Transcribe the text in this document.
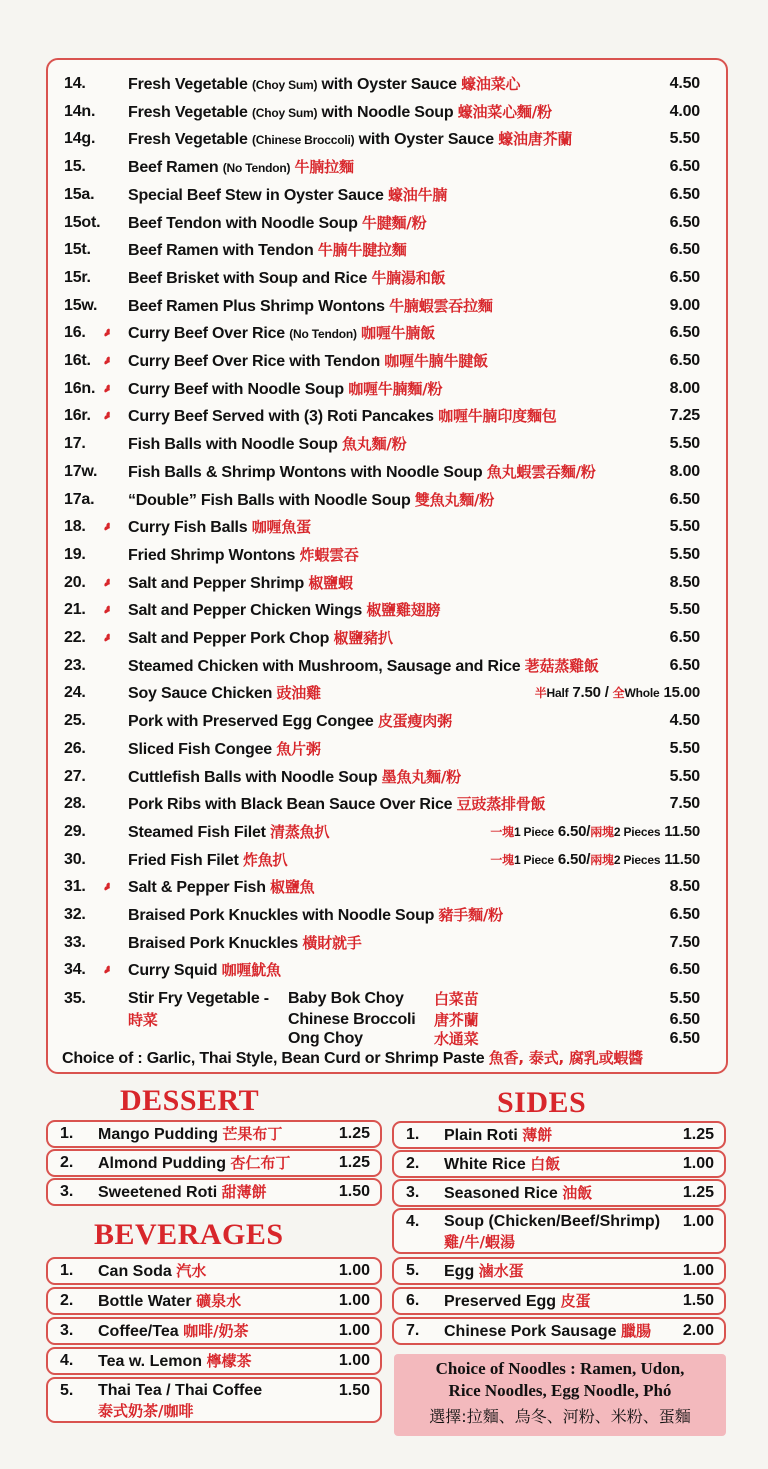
14.	Fresh Vegetable (Choy Sum) with Oyster Sauce 蠔油菜心	4.50
14n.	Fresh Vegetable (Choy Sum) with Noodle Soup 蠔油菜心麵/粉	4.00
14g.	Fresh Vegetable (Chinese Broccoli) with Oyster Sauce 蠔油唐芥蘭	5.50
15.	Beef Ramen (No Tendon) 牛腩拉麵	6.50
15a.	Special Beef Stew in Oyster Sauce 蠔油牛腩	6.50
15ot.	Beef Tendon with Noodle Soup 牛腱麵/粉	6.50
15t.	Beef Ramen with Tendon 牛腩牛腱拉麵	6.50
15r.	Beef Brisket with Soup and Rice 牛腩湯和飯	6.50
15w.	Beef Ramen Plus Shrimp Wontons 牛腩蝦雲吞拉麵	9.00
16. ❤	Curry Beef Over Rice (No Tendon) 咖喱牛腩飯	6.50
16t. ❤	Curry Beef Over Rice with Tendon 咖喱牛腩牛腱飯	6.50
16n. ❤	Curry Beef with Noodle Soup 咖喱牛腩麵/粉	8.00
16r. ❤	Curry Beef Served with (3) Roti Pancakes 咖喱牛腩印度麵包	7.25
17.	Fish Balls with Noodle Soup 魚丸麵/粉	5.50
17w.	Fish Balls & Shrimp Wontons with Noodle Soup 魚丸蝦雲吞麵/粉	8.00
17a.	“Double” Fish Balls with Noodle Soup 雙魚丸麵/粉	6.50
18. ❤	Curry Fish Balls 咖喱魚蛋	5.50
19.	Fried Shrimp Wontons 炸蝦雲吞	5.50
20. ❤	Salt and Pepper Shrimp 椒鹽蝦	8.50
21. ❤	Salt and Pepper Chicken Wings 椒鹽雞翅膀	5.50
22. ❤	Salt and Pepper Pork Chop 椒鹽豬扒	6.50
23.	Steamed Chicken with Mushroom, Sausage and Rice 荖菇蒸雞飯	6.50
24.	Soy Sauce Chicken 豉油雞	半Half 7.50 / 全Whole 15.00
25.	Pork with Preserved Egg Congee 皮蛋瘦肉粥	4.50
26.	Sliced Fish Congee 魚片粥	5.50
27.	Cuttlefish Balls with Noodle Soup 墨魚丸麵/粉	5.50
28.	Pork Ribs with Black Bean Sauce Over Rice 豆豉蒸排骨飯	7.50
29.	Steamed Fish Filet 清蒸魚扒	一塊1 Piece 6.50/兩塊2 Pieces 11.50
30.	Fried Fish Filet 炸魚扒	一塊1 Piece 6.50/兩塊2 Pieces 11.50
31. ❤	Salt & Pepper Fish 椒鹽魚	8.50
32.	Braised Pork Knuckles with Noodle Soup 豬手麵/粉	6.50
33.	Braised Pork Knuckles 橫財就手	7.50
34. ❤	Curry Squid 咖喱魷魚	6.50
35.	Stir Fry Vegetable -
時菜
Baby Bok Choy 白菜苗	5.50
Chinese Broccoli 唐芥蘭	6.50
Ong Choy	水通菜	6.50
Choice of : Garlic, Thai Style, Bean Curd or Shrimp Paste 魚香, 泰式, 腐乳或蝦醬
DESSERT
1. Mango Pudding 芒果布丁	1.25
2. Almond Pudding 杏仁布丁	1.25
3. Sweetened Roti 甜薄餅	1.50
BEVERAGES
1. Can Soda 汽水	1.00
2. Bottle Water 礦泉水	1.00
3. Coffee/Tea 咖啡/奶茶	1.00
4. Tea w. Lemon 檸檬茶	1.00
5. Thai Tea / Thai Coffee
泰式奶茶/咖啡
1.50
SIDES
1. Plain Roti 薄餅	1.25
2. White Rice 白飯	1.00
3. Seasoned Rice 油飯	1.25
4. Soup (Chicken/Beef/Shrimp)
雞/牛/蝦湯
1.00
5. Egg 滷水蛋	1.00
6. Preserved Egg 皮蛋	1.50
7. Chinese Pork Sausage 臘腸 2.00
Choice of Noodles : Ramen, Udon,
Rice Noodles, Egg Noodle, Phó
選擇:拉麵、烏冬、河粉、米粉、蛋麵
